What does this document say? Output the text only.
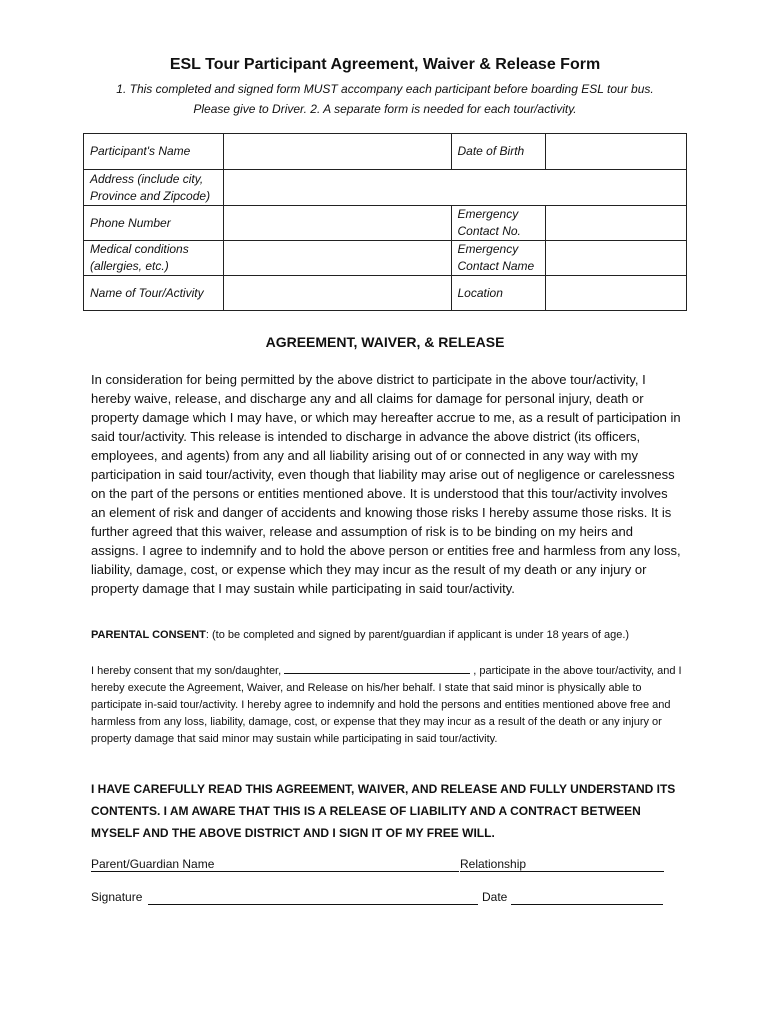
ESL Tour Participant Agreement, Waiver & Release Form
1. This completed and signed form MUST accompany each participant before boarding ESL tour bus.
Please give to Driver. 2. A separate form is needed for each tour/activity.
Participant's Name		Date of Birth	
Address (include city, Province and Zipcode)			
Phone Number		Emergency Contact No.	
Medical conditions (allergies, etc.)		Emergency Contact Name	
Name of Tour/Activity		Location	
AGREEMENT, WAIVER, & RELEASE

In consideration for being permitted by the above district to participate in the above tour/activity, I hereby waive, release, and discharge any and all claims for damage for personal injury, death or property damage which I may have, or which may hereafter accrue to me, as a result of participation in said tour/activity. This release is intended to discharge in advance the above district (its officers, employees, and agents) from any and all liability arising out of or connected in any way with my participation in said tour/activity, even though that liability may arise out of negligence or carelessness on the part of the persons or entities mentioned above. It is understood that this tour/activity involves an element of risk and danger of accidents and knowing those risks I hereby assume those risks. It is further agreed that this waiver, release and assumption of risk is to be binding on my heirs and assigns. I agree to indemnify and to hold the above person or entities free and harmless from any loss, liability, damage, cost, or expense which they may incur as the result of my death or any injury or property damage that I may sustain while participating in said tour/activity.

PARENTAL CONSENT: (to be completed and signed by parent/guardian if applicant is under 18 years of age.)

I hereby consent that my son/daughter,	, participate in the above tour/activity, and I hereby execute the Agreement, Waiver, and Release on his/her behalf. I state that said minor is physically able to participate in-said tour/activity. I hereby agree to indemnify and hold the persons and entities mentioned above free and harmless from any loss, liability, damage, cost, or expense that they may incur as a result of the death or any injury or property damage that said minor may sustain while participating in said tour/activity.

I HAVE CAREFULLY READ THIS AGREEMENT, WAIVER, AND RELEASE AND FULLY UNDERSTAND ITS CONTENTS. I AM AWARE THAT THIS IS A RELEASE OF LIABILITY AND A CONTRACT BETWEEN MYSELF AND THE ABOVE DISTRICT AND I SIGN IT OF MY FREE WILL.

Parent/Guardian Name	Relationship
Signature	Date
